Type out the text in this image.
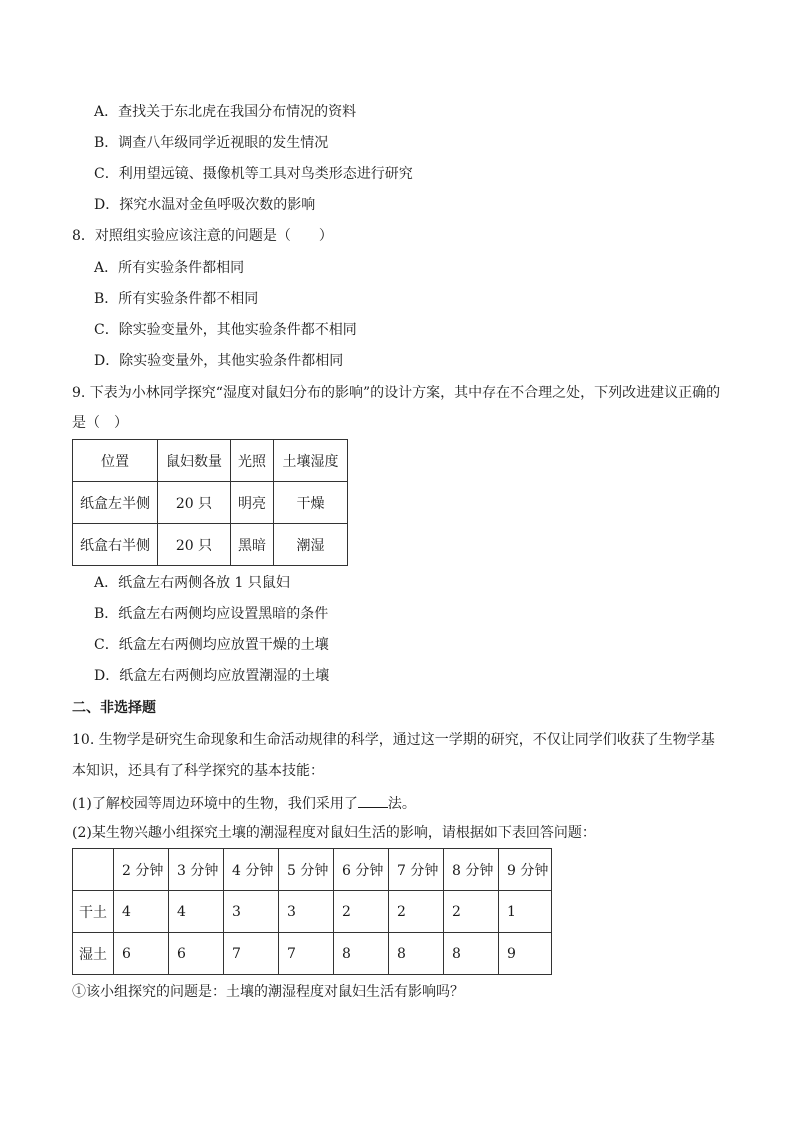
A．查找关于东北虎在我国分布情况的资料
B．调查八年级同学近视眼的发生情况
C．利用望远镜、摄像机等工具对鸟类形态进行研究
D．探究水温对金鱼呼吸次数的影响
8．对照组实验应该注意的问题是（　　）
A．所有实验条件都相同
B．所有实验条件都不相同
C．除实验变量外，其他实验条件都不相同
D．除实验变量外，其他实验条件都相同
9. 下表为小林同学探究“湿度对鼠妇分布的影响”的设计方案，其中存在不合理之处，下列改进建议正确的
是（　）
位置	鼠妇数量	光照	土壤湿度
纸盒左半侧	20 只	明亮	干燥
纸盒右半侧	20 只	黑暗	潮湿
A．纸盒左右两侧各放 1 只鼠妇
B．纸盒左右两侧均应设置黑暗的条件
C．纸盒左右两侧均应放置干燥的土壤
D．纸盒左右两侧均应放置潮湿的土壤
二、非选择题
10. 生物学是研究生命现象和生命活动规律的科学，通过这一学期的研究，不仅让同学们收获了生物学基
本知识，还具有了科学探究的基本技能：
(1)了解校园等周边环境中的生物，我们采用了 法。
(2)某生物兴趣小组探究土壤的潮湿程度对鼠妇生活的影响，请根据如下表回答问题：
	2 分钟	3 分钟	4 分钟	5 分钟	6 分钟	7 分钟	8 分钟	9 分钟
干土	4	4	3	3	2	2	2	1
湿土	6	6	7	7	8	8	8	9
①该小组探究的问题是：土壤的潮湿程度对鼠妇生活有影响吗？
